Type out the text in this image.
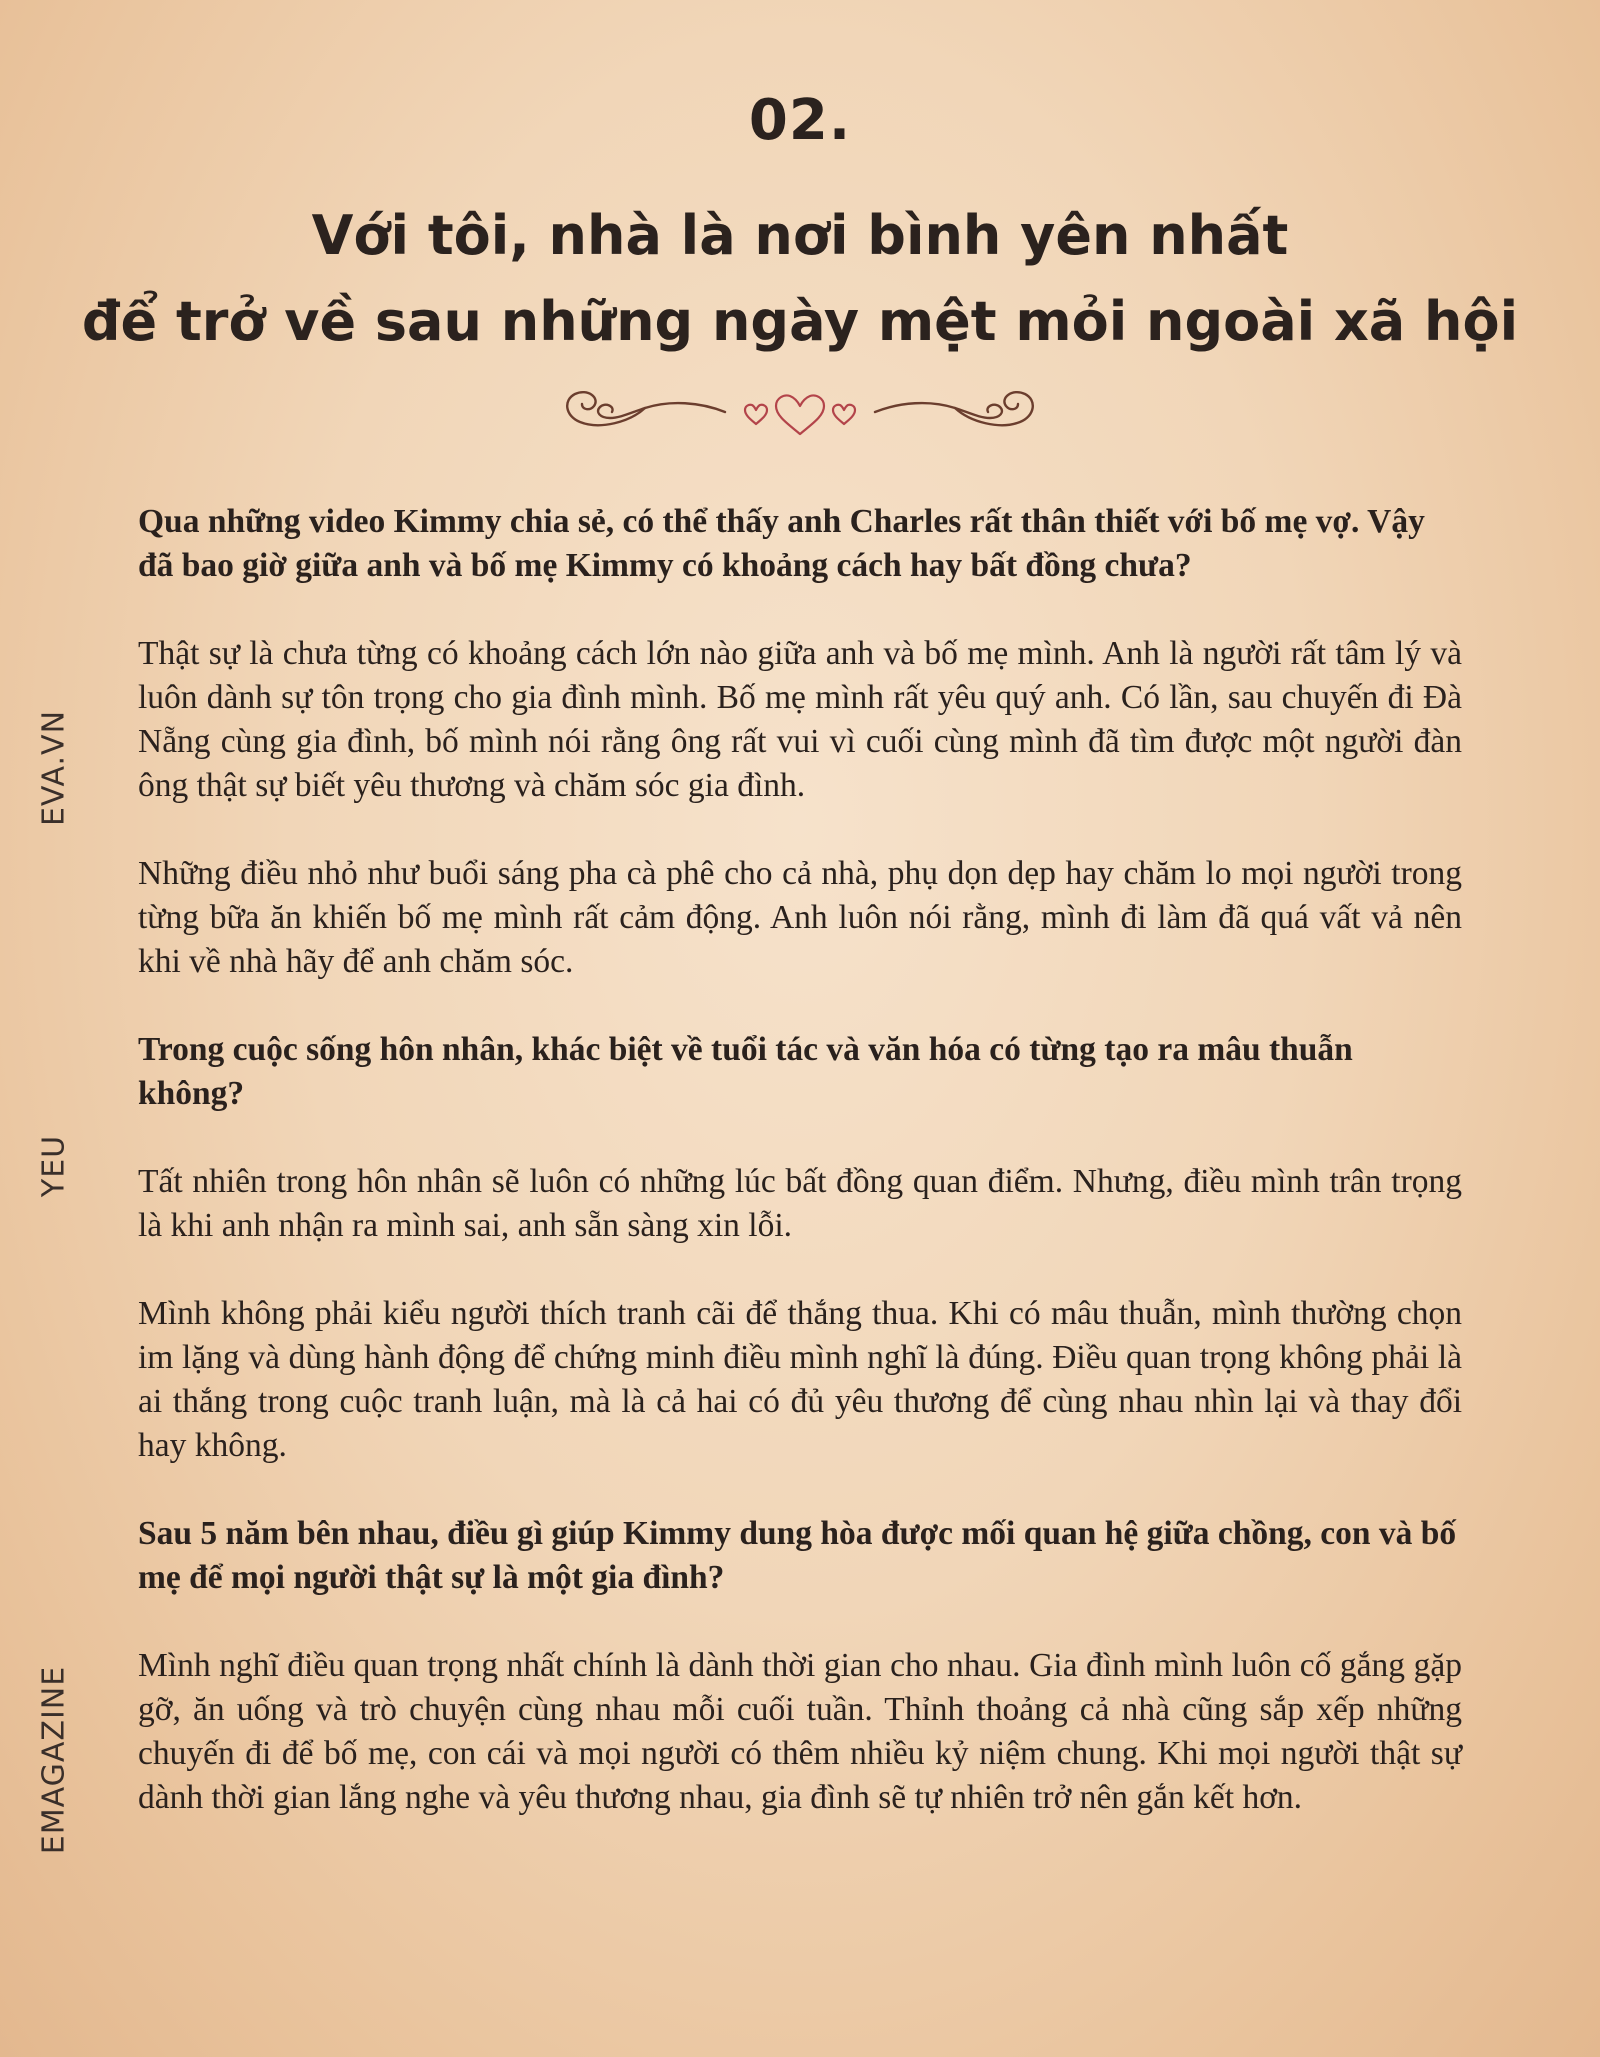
EVA.VN
YEU
EMAGAZINE
02.
Với tôi, nhà là nơi bình yên nhất
để trở về sau những ngày mệt mỏi ngoài xã hội

Qua những video Kimmy chia sẻ, có thể thấy anh Charles rất thân thiết với bố mẹ vợ. Vậy đã bao giờ giữa anh và bố mẹ Kimmy có khoảng cách hay bất đồng chưa?

Thật sự là chưa từng có khoảng cách lớn nào giữa anh và bố mẹ mình. Anh là người rất tâm lý và luôn dành sự tôn trọng cho gia đình mình. Bố mẹ mình rất yêu quý anh. Có lần, sau chuyến đi Đà Nẵng cùng gia đình, bố mình nói rằng ông rất vui vì cuối cùng mình đã tìm được một người đàn ông thật sự biết yêu thương và chăm sóc gia đình.

Những điều nhỏ như buổi sáng pha cà phê cho cả nhà, phụ dọn dẹp hay chăm lo mọi người trong từng bữa ăn khiến bố mẹ mình rất cảm động. Anh luôn nói rằng, mình đi làm đã quá vất vả nên khi về nhà hãy để anh chăm sóc.

Trong cuộc sống hôn nhân, khác biệt về tuổi tác và văn hóa có từng tạo ra mâu thuẫn không?

Tất nhiên trong hôn nhân sẽ luôn có những lúc bất đồng quan điểm. Nhưng, điều mình trân trọng là khi anh nhận ra mình sai, anh sẵn sàng xin lỗi.

Mình không phải kiểu người thích tranh cãi để thắng thua. Khi có mâu thuẫn, mình thường chọn im lặng và dùng hành động để chứng minh điều mình nghĩ là đúng. Điều quan trọng không phải là ai thắng trong cuộc tranh luận, mà là cả hai có đủ yêu thương để cùng nhau nhìn lại và thay đổi hay không.

Sau 5 năm bên nhau, điều gì giúp Kimmy dung hòa được mối quan hệ giữa chồng, con và bố mẹ để mọi người thật sự là một gia đình?

Mình nghĩ điều quan trọng nhất chính là dành thời gian cho nhau. Gia đình mình luôn cố gắng gặp gỡ, ăn uống và trò chuyện cùng nhau mỗi cuối tuần. Thỉnh thoảng cả nhà cũng sắp xếp những chuyến đi để bố mẹ, con cái và mọi người có thêm nhiều kỷ niệm chung. Khi mọi người thật sự dành thời gian lắng nghe và yêu thương nhau, gia đình sẽ tự nhiên trở nên gắn kết hơn.
